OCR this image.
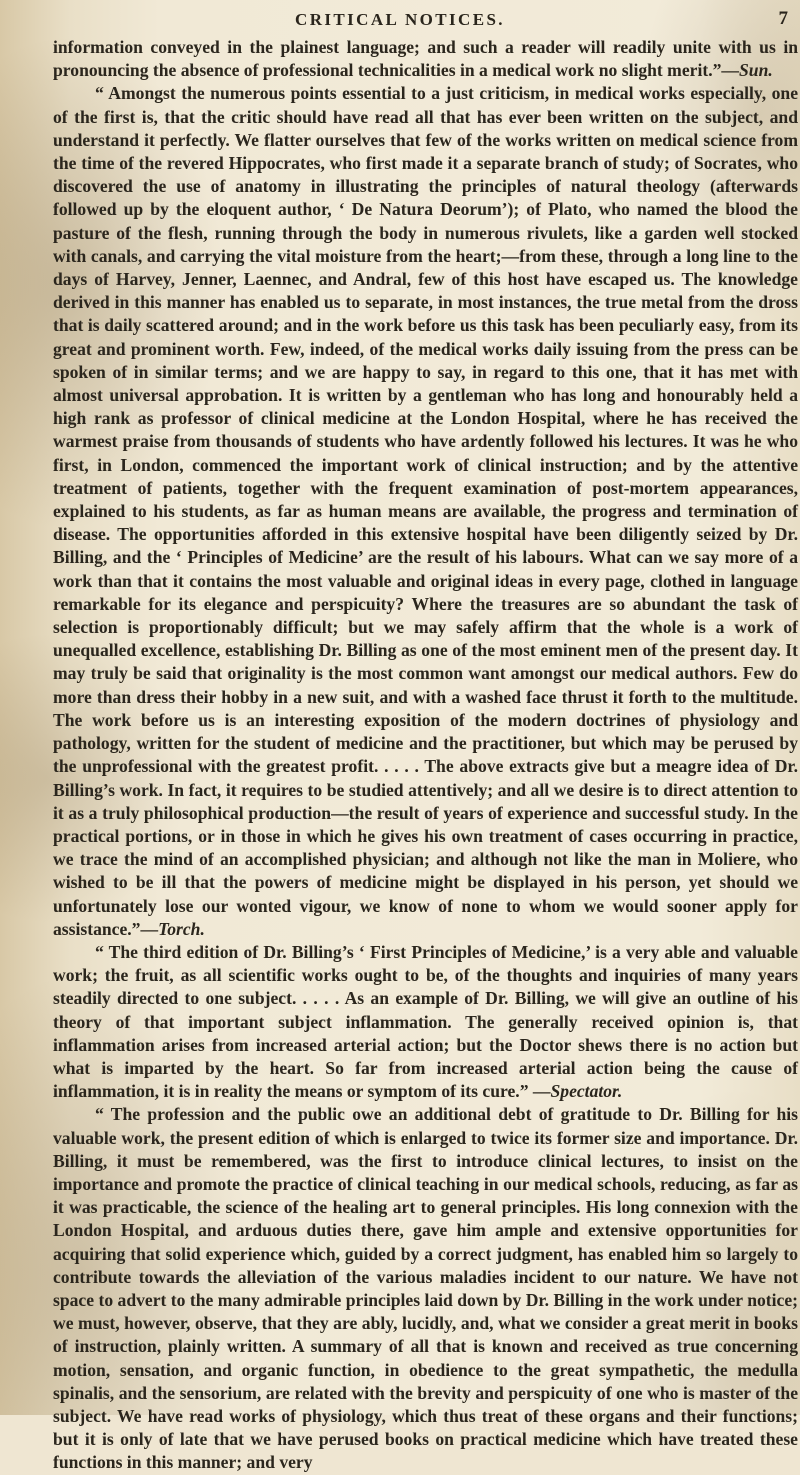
CRITICAL NOTICES.	7

information conveyed in the plainest language; and such a reader will readily unite with us in pronouncing the absence of professional technicalities in a medical work no slight merit.”—Sun.

“ Amongst the numerous points essential to a just criticism, in medical works especially, one of the first is, that the critic should have read all that has ever been written on the subject, and understand it perfectly. We flatter ourselves that few of the works written on medical science from the time of the revered Hippocrates, who first made it a separate branch of study; of Socrates, who discovered the use of anatomy in illustrating the principles of natural theology (afterwards followed up by the eloquent author, ‘ De Natura Deorum’); of Plato, who named the blood the pasture of the flesh, running through the body in numerous rivulets, like a garden well stocked with canals, and carrying the vital moisture from the heart;—from these, through a long line to the days of Harvey, Jenner, Laennec, and Andral, few of this host have escaped us. The knowledge derived in this manner has enabled us to separate, in most instances, the true metal from the dross that is daily scattered around; and in the work before us this task has been peculiarly easy, from its great and prominent worth. Few, indeed, of the medical works daily issuing from the press can be spoken of in similar terms; and we are happy to say, in regard to this one, that it has met with almost universal approbation. It is written by a gentleman who has long and honourably held a high rank as professor of clinical medicine at the London Hospital, where he has received the warmest praise from thousands of students who have ardently followed his lectures. It was he who first, in London, commenced the important work of clinical instruction; and by the attentive treatment of patients, together with the frequent examination of post-mortem appearances, explained to his students, as far as human means are available, the progress and termination of disease. The opportunities afforded in this extensive hospital have been diligently seized by Dr. Billing, and the ‘ Principles of Medicine’ are the result of his labours. What can we say more of a work than that it contains the most valuable and original ideas in every page, clothed in language remarkable for its elegance and perspicuity? Where the treasures are so abundant the task of selection is proportionably difficult; but we may safely affirm that the whole is a work of unequalled excellence, establishing Dr. Billing as one of the most eminent men of the present day. It may truly be said that originality is the most common want amongst our medical authors. Few do more than dress their hobby in a new suit, and with a washed face thrust it forth to the multitude. The work before us is an interesting exposition of the modern doctrines of physiology and pathology, written for the student of medicine and the practitioner, but which may be perused by the unprofessional with the greatest profit. . . . . The above extracts give but a meagre idea of Dr. Billing’s work. In fact, it requires to be studied attentively; and all we desire is to direct attention to it as a truly philosophical production—the result of years of experience and successful study. In the practical portions, or in those in which he gives his own treatment of cases occurring in practice, we trace the mind of an accomplished physician; and although not like the man in Moliere, who wished to be ill that the powers of medicine might be displayed in his person, yet should we unfortunately lose our wonted vigour, we know of none to whom we would sooner apply for assistance.”—Torch.

“ The third edition of Dr. Billing’s ‘ First Principles of Medicine,’ is a very able and valuable work; the fruit, as all scientific works ought to be, of the thoughts and inquiries of many years steadily directed to one subject. . . . . As an example of Dr. Billing, we will give an outline of his theory of that important subject inflammation. The generally received opinion is, that inflammation arises from increased arterial action; but the Doctor shews there is no action but what is imparted by the heart. So far from increased arterial action being the cause of inflammation, it is in reality the means or symptom of its cure.” —Spectator.

“ The profession and the public owe an additional debt of gratitude to Dr. Billing for his valuable work, the present edition of which is enlarged to twice its former size and importance. Dr. Billing, it must be remembered, was the first to introduce clinical lectures, to insist on the importance and promote the practice of clinical teaching in our medical schools, reducing, as far as it was practicable, the science of the healing art to general principles. His long connexion with the London Hospital, and arduous duties there, gave him ample and extensive opportunities for acquiring that solid experience which, guided by a correct judgment, has enabled him so largely to contribute towards the alleviation of the various maladies incident to our nature. We have not space to advert to the many admirable principles laid down by Dr. Billing in the work under notice; we must, however, observe, that they are ably, lucidly, and, what we consider a great merit in books of instruction, plainly written. A summary of all that is known and received as true concerning motion, sensation, and organic function, in obedience to the great sympathetic, the medulla spinalis, and the sensorium, are related with the brevity and perspicuity of one who is master of the subject. We have read works of physiology, which thus treat of these organs and their functions; but it is only of late that we have perused books on practical medicine which have treated these functions in this manner; and very
